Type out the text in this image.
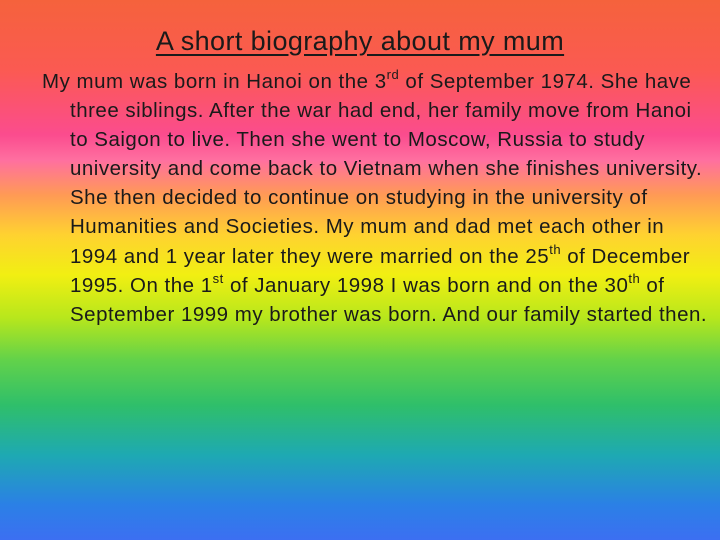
A short biography about my mum

My mum was born in Hanoi on the 3rd of September 1974. She have three siblings. After the war had end, her family move from Hanoi to Saigon to live. Then she went to Moscow, Russia to study university and come back to Vietnam when she finishes university. She then decided to continue on studying in the university of Humanities and Societies. My mum and dad met each other in 1994 and 1 year later they were married on the 25th of December 1995. On the 1st of January 1998 I was born and on the 30th of September 1999 my brother was born. And our family started then.
